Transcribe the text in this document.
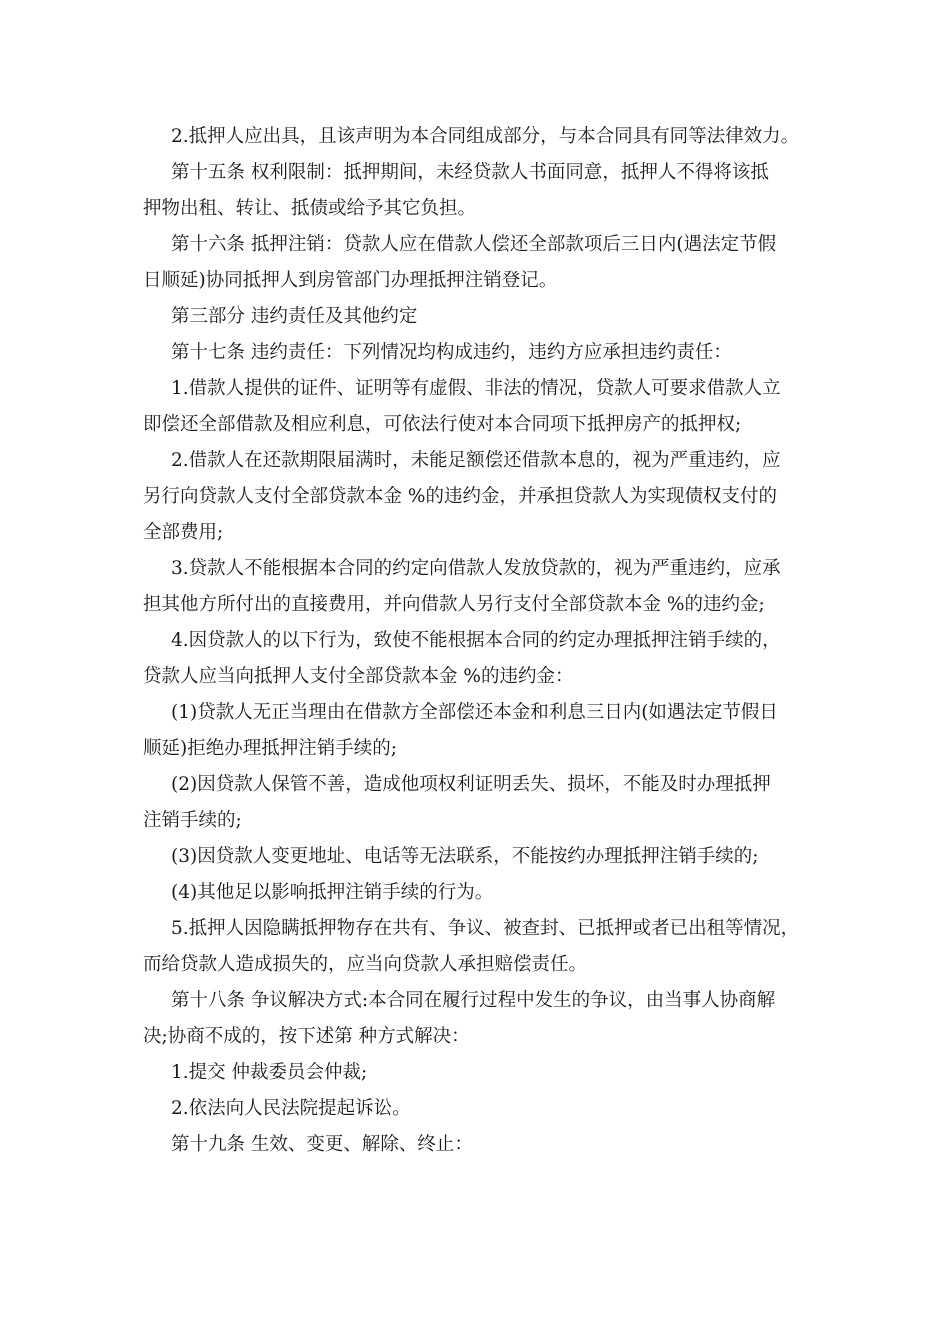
2.抵押人应出具，且该声明为本合同组成部分，与本合同具有同等法律效力。
第十五条 权利限制：抵押期间，未经贷款人书面同意，抵押人不得将该抵
押物出租、转让、抵债或给予其它负担。
第十六条 抵押注销：贷款人应在借款人偿还全部款项后三日内(遇法定节假
日顺延)协同抵押人到房管部门办理抵押注销登记。
第三部分 违约责任及其他约定
第十七条 违约责任：下列情况均构成违约，违约方应承担违约责任：
1.借款人提供的证件、证明等有虚假、非法的情况，贷款人可要求借款人立
即偿还全部借款及相应利息，可依法行使对本合同项下抵押房产的抵押权;
2.借款人在还款期限届满时，未能足额偿还借款本息的，视为严重违约，应
另行向贷款人支付全部贷款本金 %的违约金，并承担贷款人为实现债权支付的
全部费用;
3.贷款人不能根据本合同的约定向借款人发放贷款的，视为严重违约，应承
担其他方所付出的直接费用，并向借款人另行支付全部贷款本金 %的违约金;
4.因贷款人的以下行为，致使不能根据本合同的约定办理抵押注销手续的，
贷款人应当向抵押人支付全部贷款本金 %的违约金：
(1)贷款人无正当理由在借款方全部偿还本金和利息三日内(如遇法定节假日
顺延)拒绝办理抵押注销手续的;
(2)因贷款人保管不善，造成他项权利证明丢失、损坏，不能及时办理抵押
注销手续的;
(3)因贷款人变更地址、电话等无法联系，不能按约办理抵押注销手续的;
(4)其他足以影响抵押注销手续的行为。
5.抵押人因隐瞒抵押物存在共有、争议、被查封、已抵押或者已出租等情况，
而给贷款人造成损失的，应当向贷款人承担赔偿责任。
第十八条 争议解决方式:本合同在履行过程中发生的争议，由当事人协商解
决;协商不成的，按下述第 种方式解决：
1.提交 仲裁委员会仲裁;
2.依法向人民法院提起诉讼。
第十九条 生效、变更、解除、终止：
